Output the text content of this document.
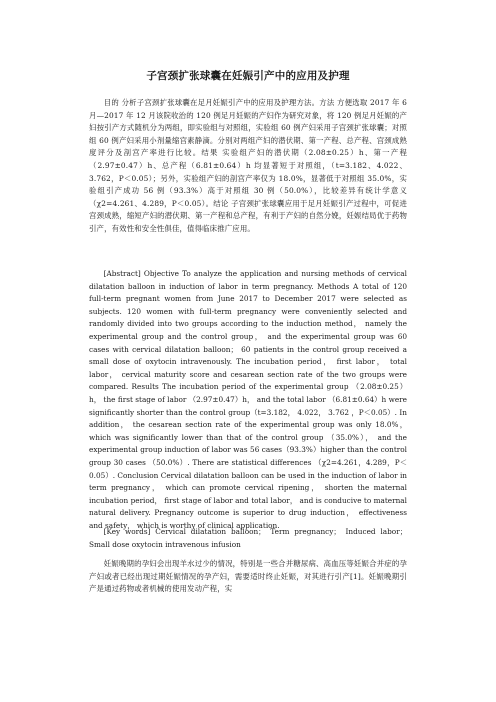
子宫颈扩张球囊在妊娠引产中的应用及护理
目的 分析子宫颈扩张球囊在足月妊娠引产中的应用及护理方法。方法 方便选取 2017 年 6 月—2017 年 12 月该院收治的 120 例足月妊娠的产妇作为研究对象，将 120 例足月妊娠的产妇按引产方式随机分为两组，即实验组与对照组，实验组 60 例产妇采用子宫颈扩张球囊；对照组 60 例产妇采用小剂量缩宫素静滴。分别对两组产妇的潜伏期、第一产程、总产程、宫颈成熟度评分及剖宫产率进行比较。结果 实验组产妇的潜伏期（2.08±0.25）h、第一产程（2.97±0.47）h、总产程（6.81±0.64）h 均显著短于对照组，（t=3.182、4.022、3.762，P＜0.05）；另外，实验组产妇的剖宫产率仅为 18.0%，显著低于对照组 35.0%，实验组引产成功 56 例（93.3%）高于对照组 30 例（50.0%），比较差异有统计学意义（χ2=4.261、4.289，P＜0.05）。结论 子宫颈扩张球囊应用于足月妊娠引产过程中，可促进宫颈成熟，缩短产妇的潜伏期、第一产程和总产程，有利于产妇的自然分娩，妊娠结局优于药物引产，有效性和安全性俱佳，值得临床推广应用。
[Abstract] Objective To analyze the application and nursing methods of cervical dilatation balloon in induction of labor in term pregnancy. Methods A total of 120 full-term pregnant women from June 2017 to December 2017 were selected as subjects. 120 women with full-term pregnancy were conveniently selected and randomly divided into two groups according to the induction method， namely the experimental group and the control group， and the experimental group was 60 cases with cervical dilatation balloon； 60 patients in the control group received a small dose of oxytocin intravenously. The incubation period， first labor， total labor， cervical maturity score and cesarean section rate of the two groups were compared. Results The incubation period of the experimental group （2.08±0.25）h， the first stage of labor （2.97±0.47）h， and the total labor （6.81±0.64）h were significantly shorter than the control group（t=3.182， 4.022， 3.762 ，P＜0.05）. In addition， the cesarean section rate of the experimental group was only 18.0%， which was significantly lower than that of the control group （35.0%）， and the experimental group induction of labor was 56 cases（93.3%）higher than the control group 30 cases （50.0%）. There are statistical differences （χ2=4.261，4.289，P＜0.05）. Conclusion Cervical dilatation balloon can be used in the induction of labor in term pregnancy， which can promote cervical ripening， shorten the maternal incubation period， first stage of labor and total labor， and is conducive to maternal natural delivery. Pregnancy outcome is superior to drug induction， effectiveness and safety， which is worthy of clinical application.
[Key words] Cervical dilatation balloon； Term pregnancy； Induced labor； Small dose oxytocin intravenous infusion
妊娠晚期的孕妇会出现羊水过少的情况，特别是一些合并糖尿病、高血压等妊娠合并症的孕产妇或者已经出现过期妊娠情况的孕产妇，需要适时终止妊娠，对其进行引产[1]。妊娠晚期引产是通过药物或者机械的使用发动产程，实
